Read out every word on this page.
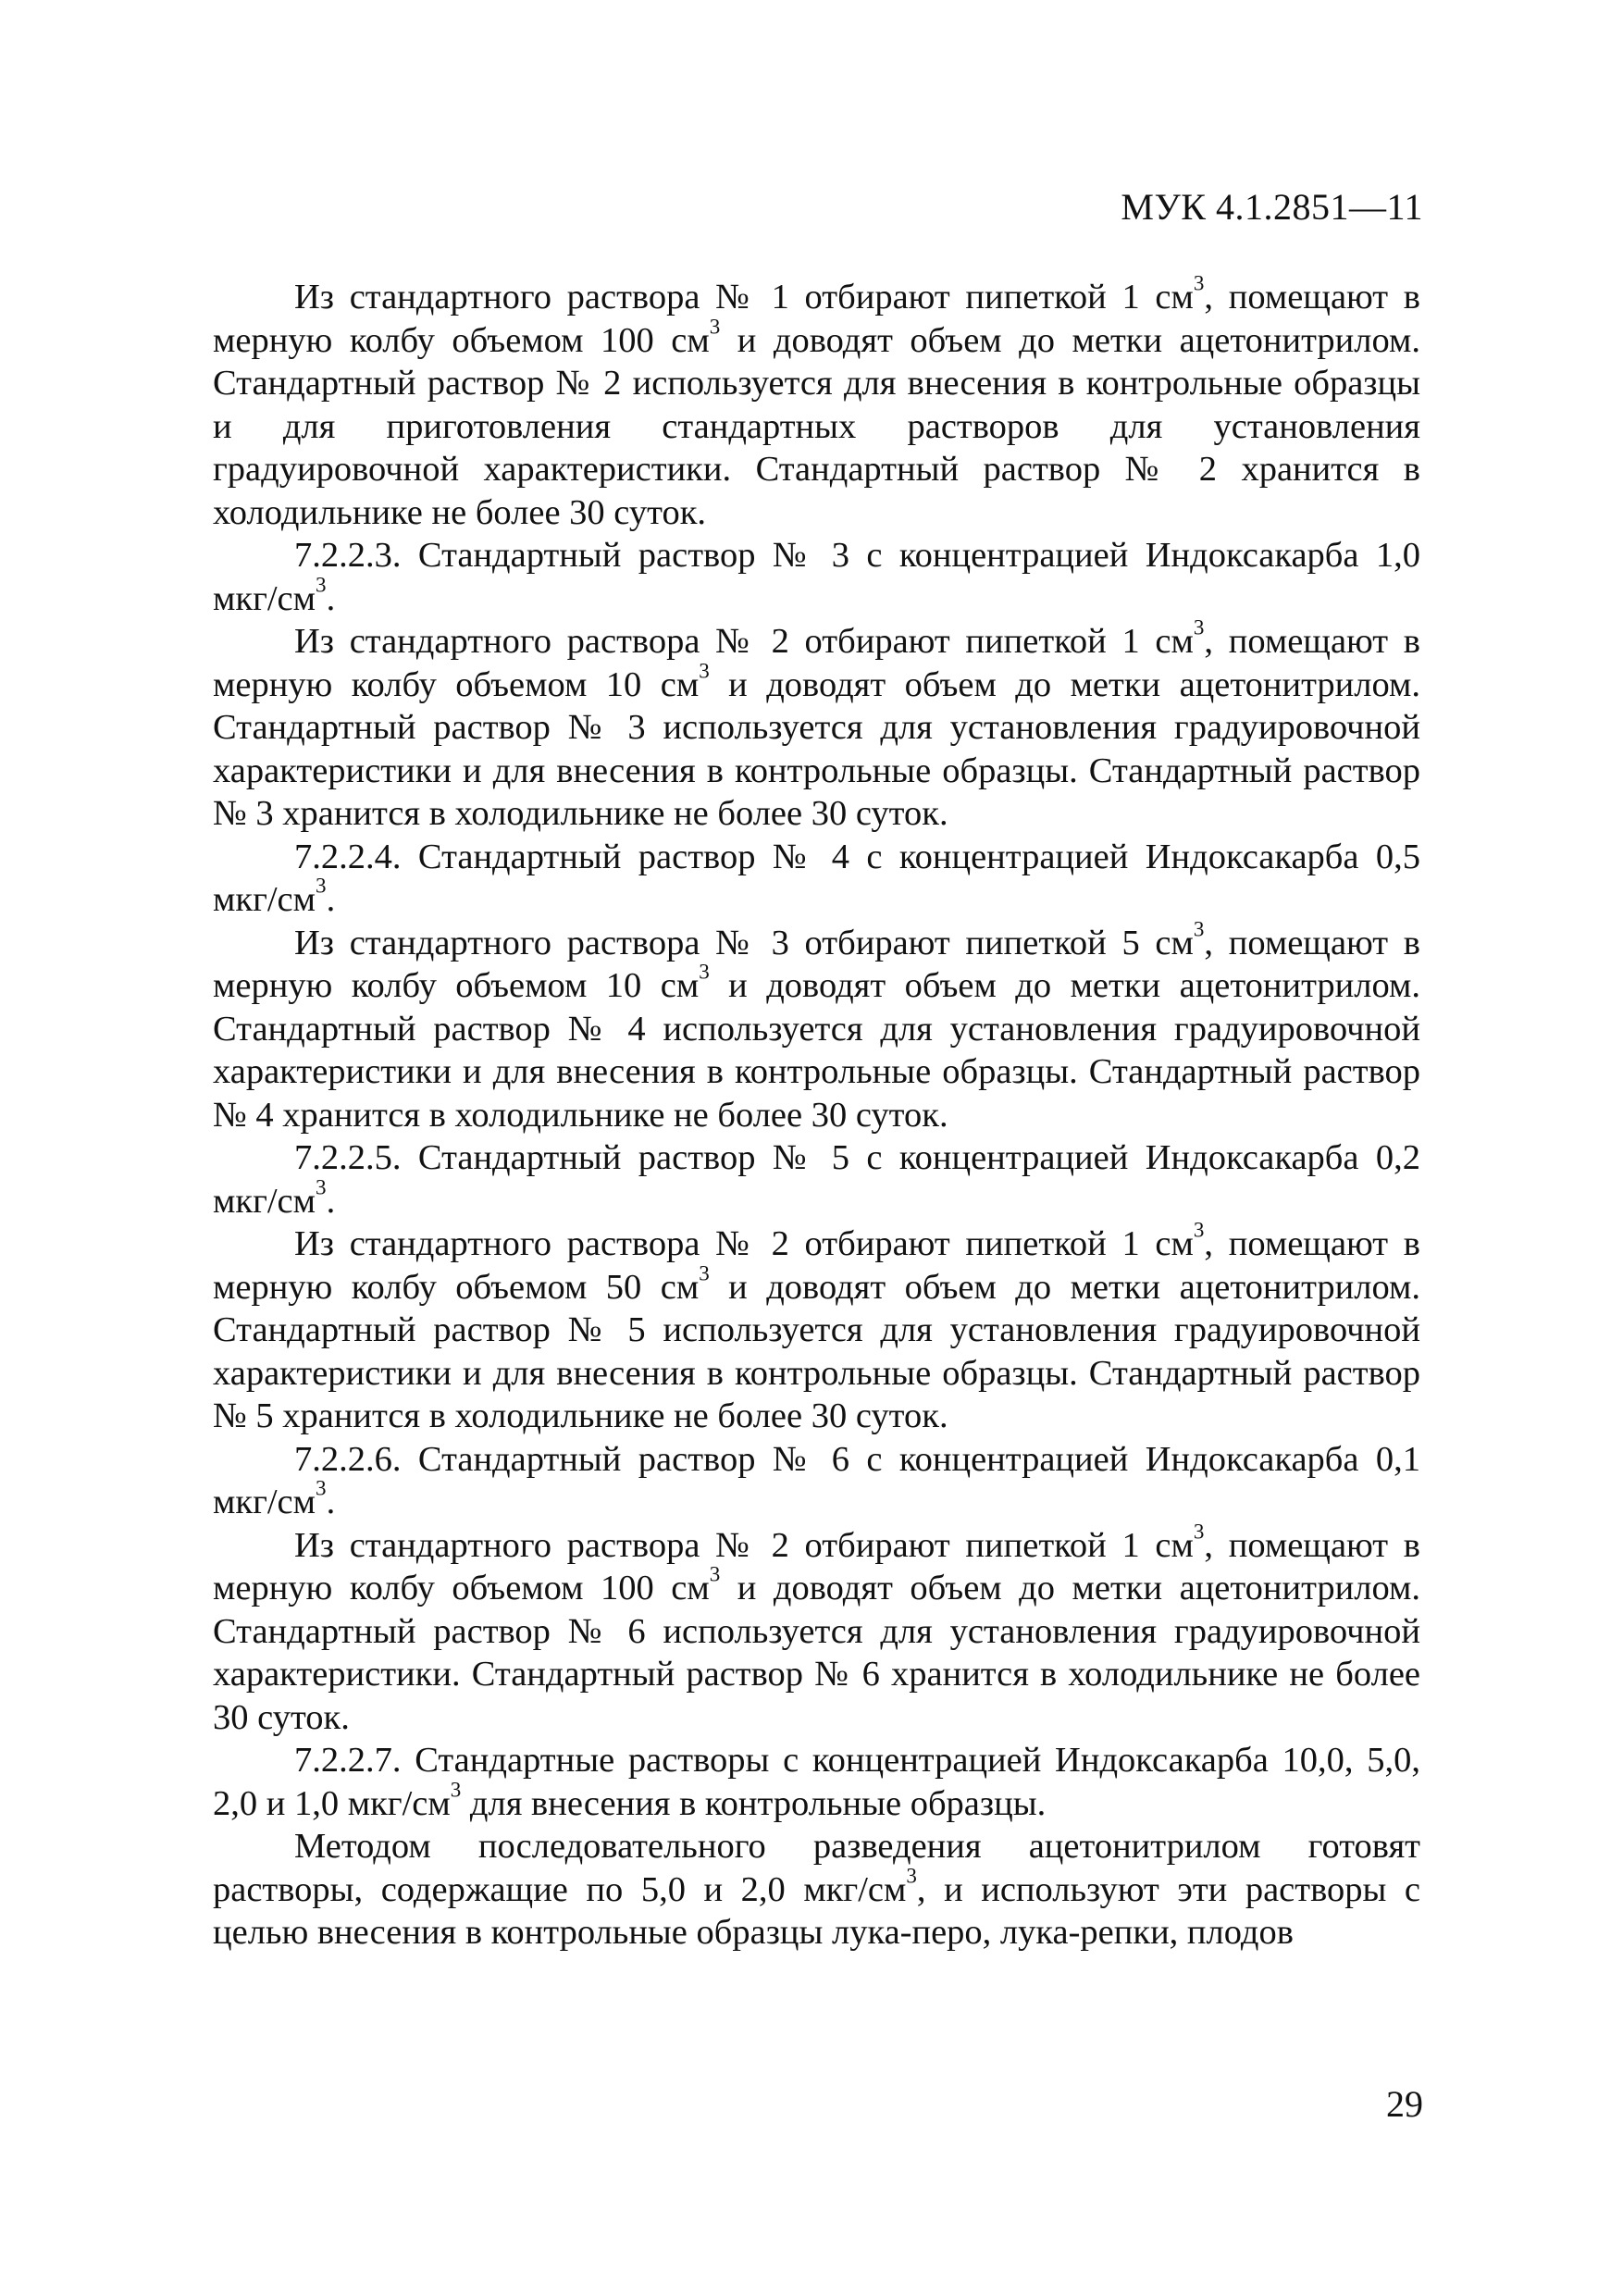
МУК 4.1.2851—11

Из стандартного раствора № 1 отбирают пипеткой 1 $см^3$, помещают в мерную колбу объемом 100 $см^3$ и доводят объем до метки ацетонитрилом. Стандартный раствор № 2 используется для внесения в контрольные образцы и для приготовления стандартных растворов для установления градуировочной характеристики. Стандартный раствор № 2 хранится в холодильнике не более 30 суток.

7.2.2.3. Стандартный раствор № 3 с концентрацией Индоксакарба 1,0 мкг/$см^3$.

Из стандартного раствора № 2 отбирают пипеткой 1 $см^3$, помещают в мерную колбу объемом 10 $см^3$ и доводят объем до метки ацетонитрилом. Стандартный раствор № 3 используется для установления градуировочной характеристики и для внесения в контрольные образцы. Стандартный раствор № 3 хранится в холодильнике не более 30 суток.

7.2.2.4. Стандартный раствор № 4 с концентрацией Индоксакарба 0,5 мкг/$см^3$.

Из стандартного раствора № 3 отбирают пипеткой 5 $см^3$, помещают в мерную колбу объемом 10 $см^3$ и доводят объем до метки ацетонитрилом. Стандартный раствор № 4 используется для установления градуировочной характеристики и для внесения в контрольные образцы. Стандартный раствор № 4 хранится в холодильнике не более 30 суток.

7.2.2.5. Стандартный раствор № 5 с концентрацией Индоксакарба 0,2 мкг/$см^3$.

Из стандартного раствора № 2 отбирают пипеткой 1 $см^3$, помещают в мерную колбу объемом 50 $см^3$ и доводят объем до метки ацетонитрилом. Стандартный раствор № 5 используется для установления градуировочной характеристики и для внесения в контрольные образцы. Стандартный раствор № 5 хранится в холодильнике не более 30 суток.

7.2.2.6. Стандартный раствор № 6 с концентрацией Индоксакарба 0,1 мкг/$см^3$.

Из стандартного раствора № 2 отбирают пипеткой 1 $см^3$, помещают в мерную колбу объемом 100 $см^3$ и доводят объем до метки ацетонитрилом. Стандартный раствор № 6 используется для установления градуировочной характеристики. Стандартный раствор № 6 хранится в холодильнике не более 30 суток.

7.2.2.7. Стандартные растворы с концентрацией Индоксакарба 10,0, 5,0, 2,0 и 1,0 мкг/$см^3$ для внесения в контрольные образцы.

Методом последовательного разведения ацетонитрилом готовят растворы, содержащие по 5,0 и 2,0 мкг/$см^3$, и используют эти растворы с целью внесения в контрольные образцы лука-перо, лука-репки, плодов

29
